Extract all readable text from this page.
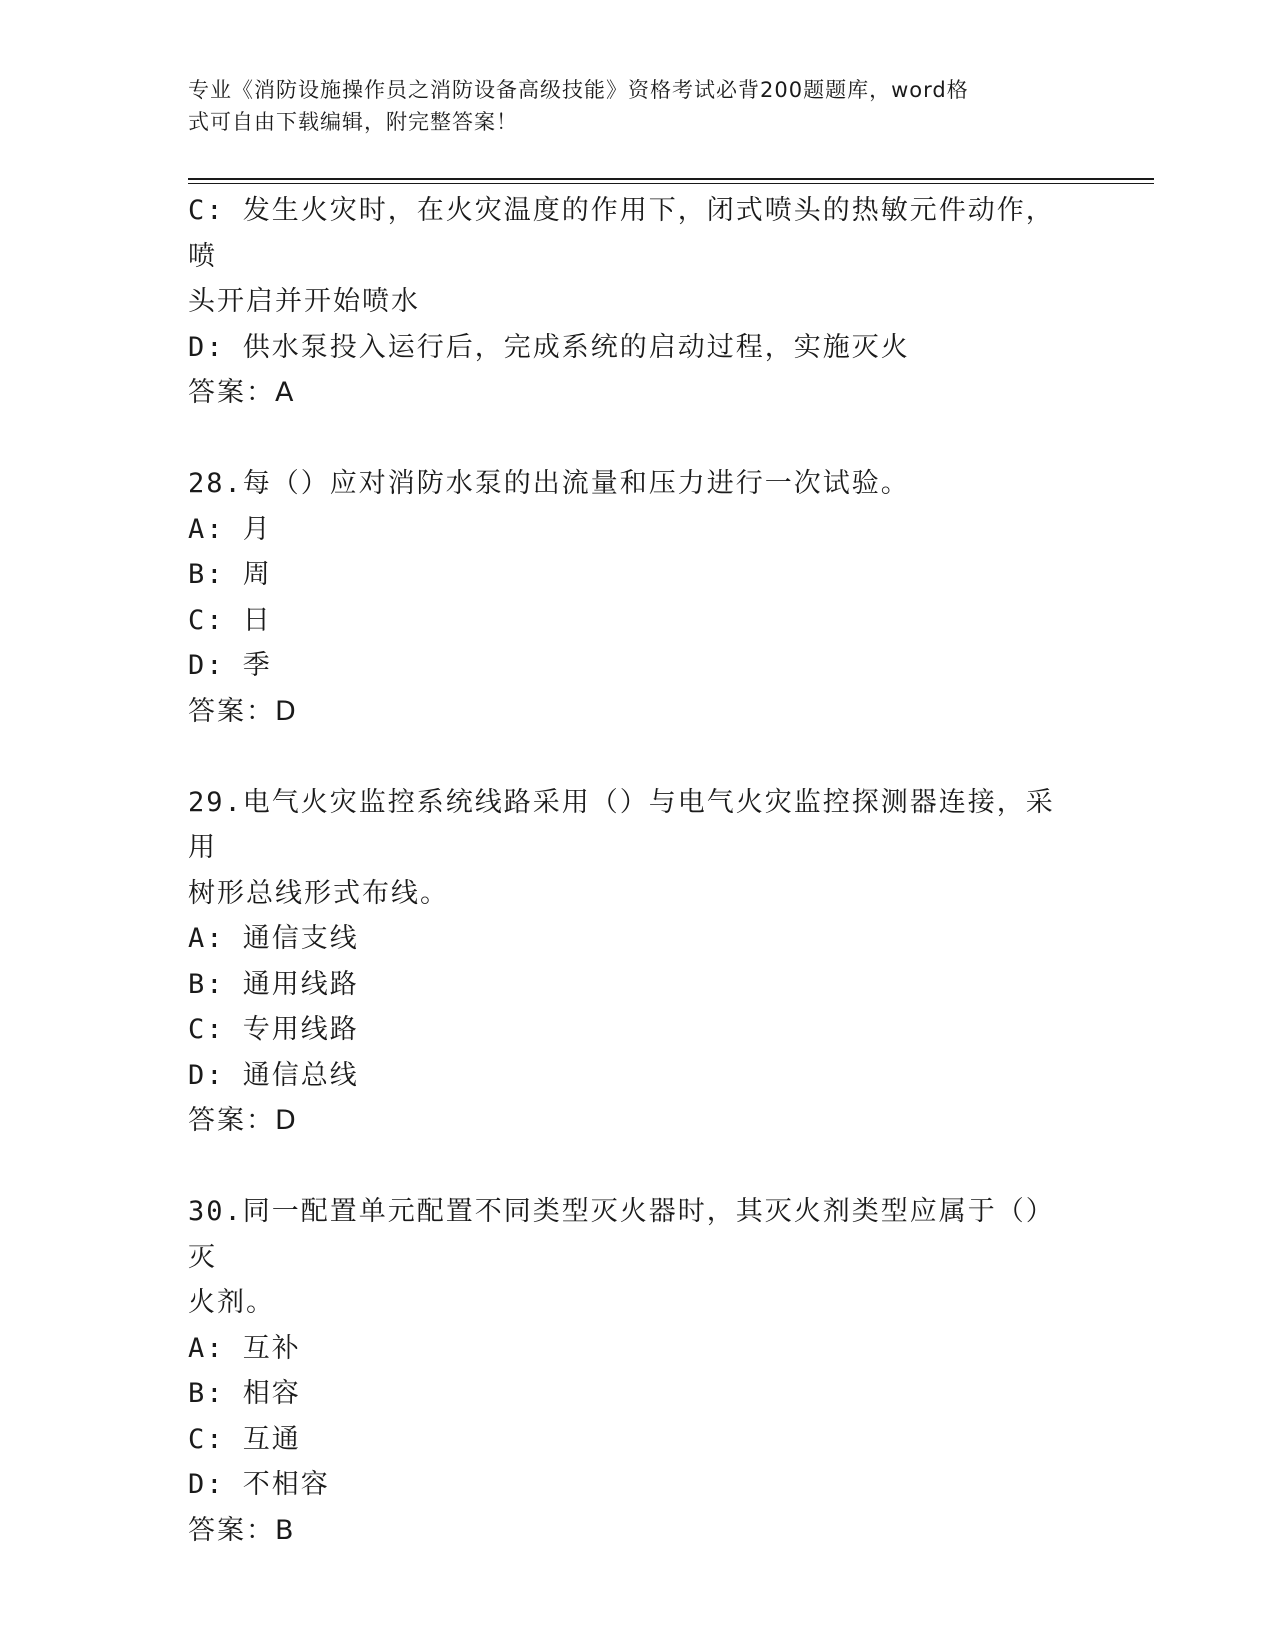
专业《消防设施操作员之消防设备高级技能》资格考试必背200题题库，word格
式可自由下载编辑，附完整答案！

C: 发生火灾时，在火灾温度的作用下，闭式喷头的热敏元件动作，喷

头开启并开始喷水

D: 供水泵投入运行后，完成系统的启动过程，实施灭火

答案：A

28.每（）应对消防水泵的出流量和压力进行一次试验。

A: 月

B: 周

C: 日

D: 季

答案：D

29.电气火灾监控系统线路采用（）与电气火灾监控探测器连接，采用

树形总线形式布线。

A: 通信支线

B: 通用线路

C: 专用线路

D: 通信总线

答案：D

30.同一配置单元配置不同类型灭火器时，其灭火剂类型应属于（）灭

火剂。

A: 互补

B: 相容

C: 互通

D: 不相容

答案：B
